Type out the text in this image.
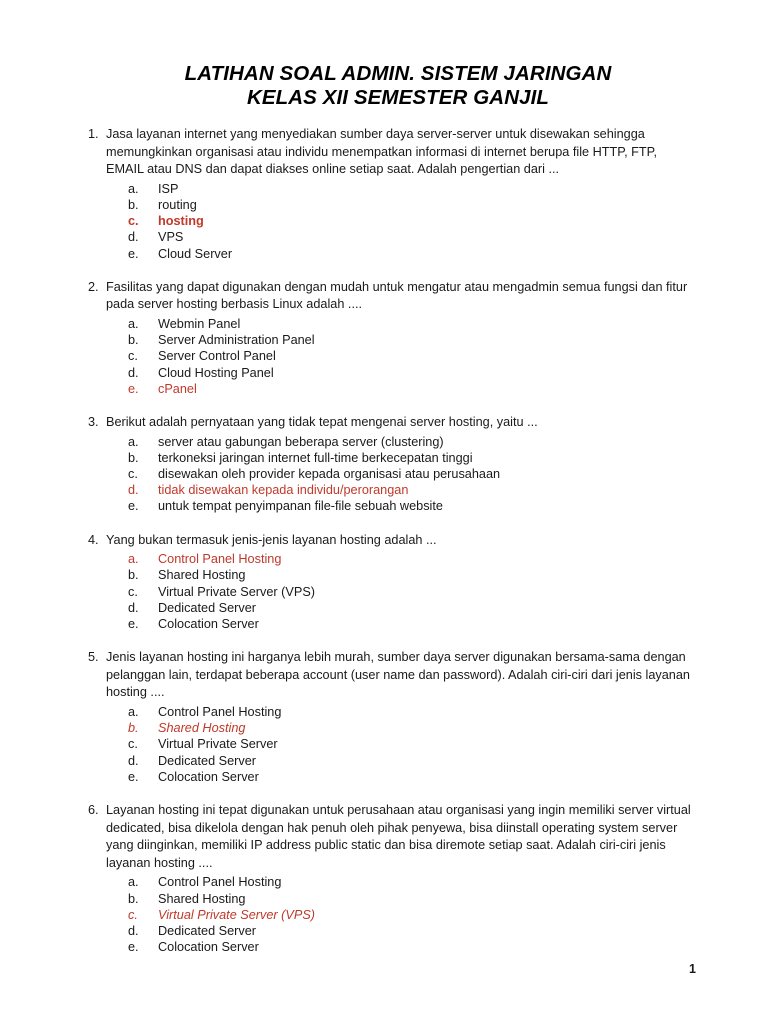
LATIHAN SOAL ADMIN. SISTEM JARINGAN
KELAS XII SEMESTER GANJIL
1. Jasa layanan internet yang menyediakan sumber daya server-server untuk disewakan sehingga memungkinkan organisasi atau individu menempatkan informasi di internet berupa file HTTP, FTP, EMAIL atau DNS dan dapat diakses online setiap saat. Adalah pengertian dari ...
a.	ISP
b.	routing
c.	hosting
d.	VPS
e.	Cloud Server
2. Fasilitas yang dapat digunakan dengan mudah untuk mengatur atau mengadmin semua fungsi dan fitur pada server hosting berbasis Linux adalah ....
a.	Webmin Panel
b.	Server Administration Panel
c.	Server Control Panel
d.	Cloud Hosting Panel
e.	cPanel
3. Berikut adalah pernyataan yang tidak tepat mengenai server hosting, yaitu ...
a.	server atau gabungan beberapa server (clustering)
b.	terkoneksi jaringan internet full-time berkecepatan tinggi
c.	disewakan oleh provider kepada organisasi atau perusahaan
d.	tidak disewakan kepada individu/perorangan
e.	untuk tempat penyimpanan file-file sebuah website
4. Yang bukan termasuk jenis-jenis layanan hosting adalah ...
a.	Control Panel Hosting
b.	Shared Hosting
c.	Virtual Private Server (VPS)
d.	Dedicated Server
e.	Colocation Server
5. Jenis layanan hosting ini harganya lebih murah, sumber daya server digunakan bersama-sama dengan pelanggan lain, terdapat beberapa account (user name dan password). Adalah ciri-ciri dari jenis layanan hosting ....
a.	Control Panel Hosting
b.	Shared Hosting
c.	Virtual Private Server
d.	Dedicated Server
e.	Colocation Server
6. Layanan hosting ini tepat digunakan untuk perusahaan atau organisasi yang ingin memiliki server virtual dedicated, bisa dikelola dengan hak penuh oleh pihak penyewa, bisa diinstall operating system server yang diinginkan, memiliki IP address public static dan bisa diremote setiap saat. Adalah ciri-ciri jenis layanan hosting ....
a.	Control Panel Hosting
b.	Shared Hosting
c.	Virtual Private Server (VPS)
d.	Dedicated Server
e.	Colocation Server
1
